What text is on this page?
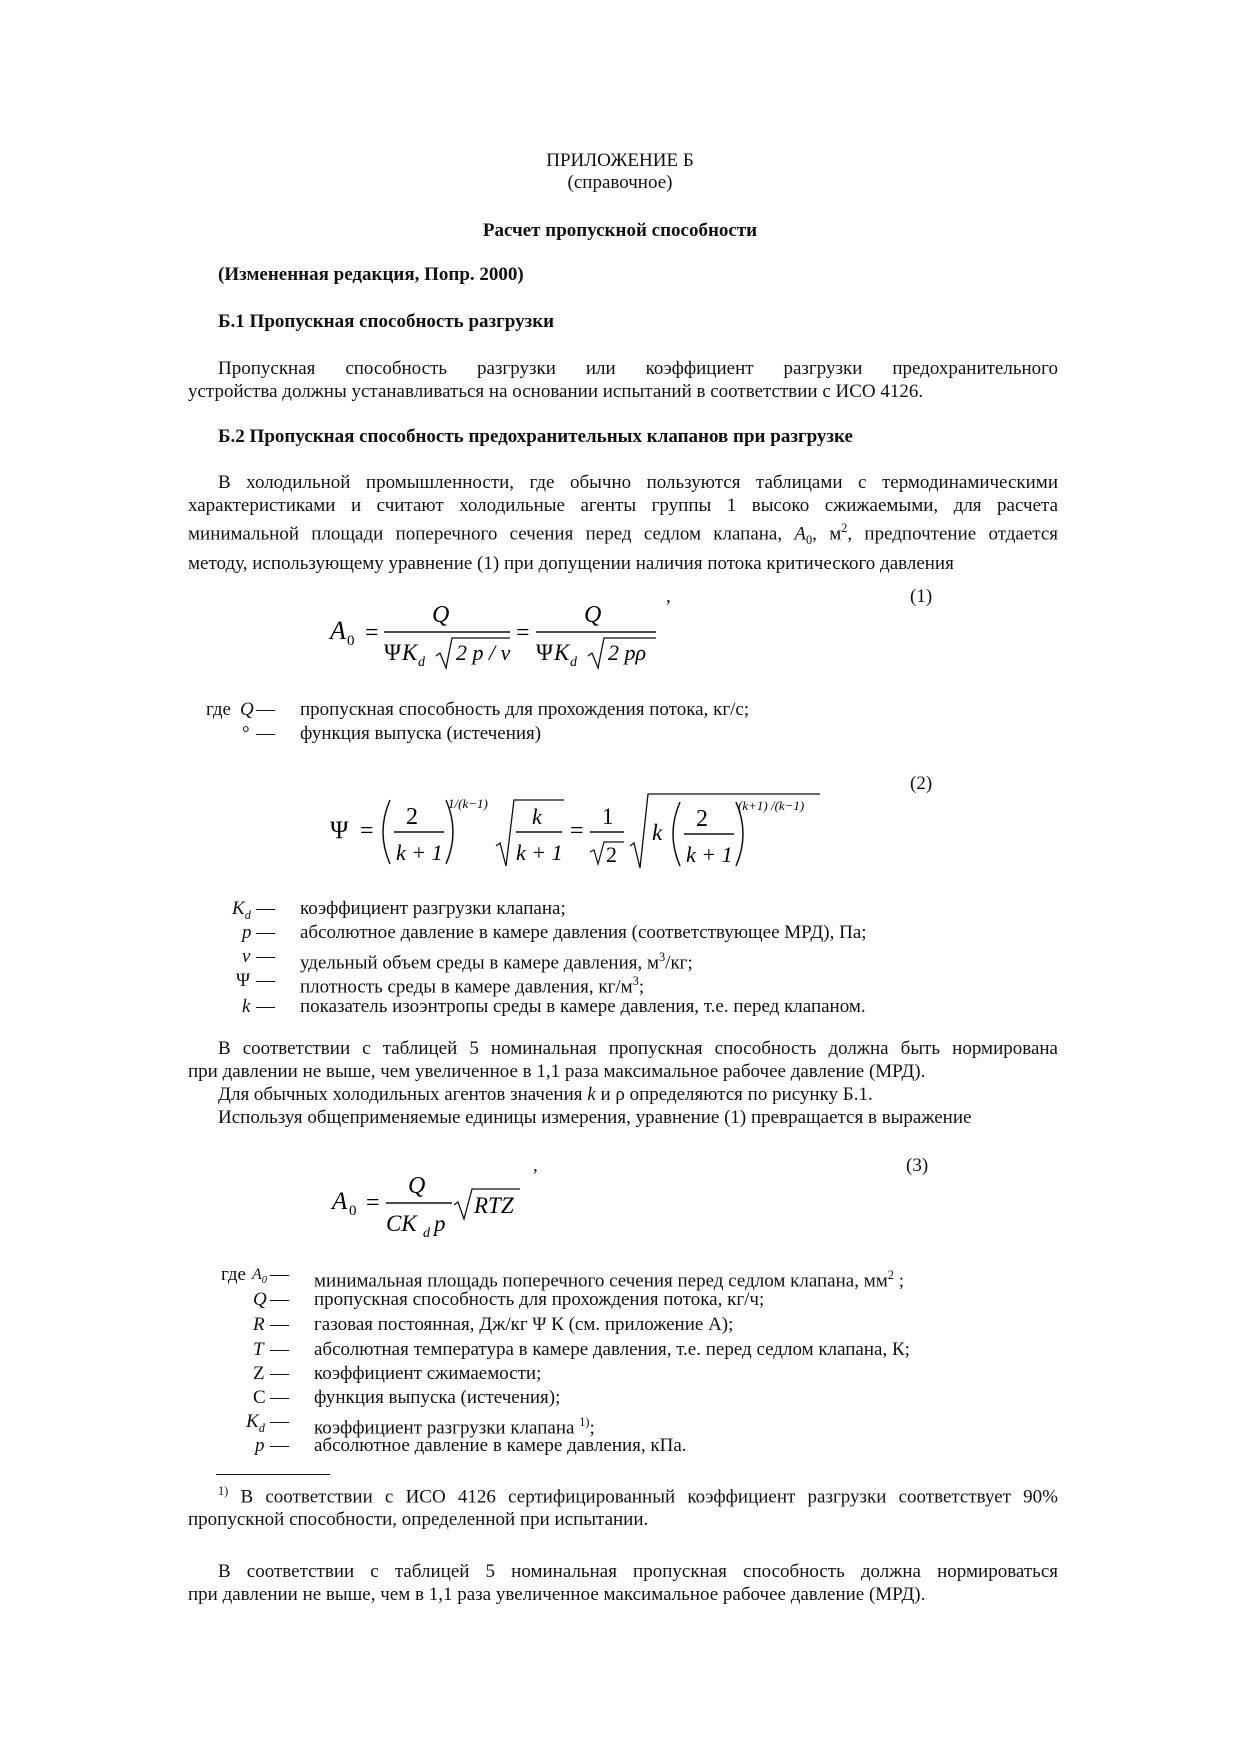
ПРИЛОЖЕНИЕ Б
(справочное)
Расчет пропускной способности
(Измененная редакция, Попр. 2000)
Б.1 Пропускная способность разгрузки
Пропускная способность разгрузки или коэффициент разгрузки предохранительного
устройства должны устанавливаться на основании испытаний в соответствии с ИСО 4126.
Б.2 Пропускная способность предохранительных клапанов при разгрузке
В холодильной промышленности, где обычно пользуются таблицами с термодинамическими
характеристиками и считают холодильные агенты группы 1 высоко сжижаемыми, для расчета
минимальной площади поперечного сечения перед седлом клапана, $A_0$, $м^2$, предпочтение отдается
методу, использующему уравнение (1) при допущении наличия потока критического давления
,	(1)
A 0 =
Q
Ψ K d 2 p / v
=
Q
Ψ K d 2 pρ
где Q — пропускная способность для прохождения потока, кг/с;
° — функция выпуска (истечения)
(2)
Ψ =
2
k + 1
1/(k−1)
k
k + 1
=
1
2
k
2
k + 1
(k+1) /(k−1)
$K_d$ — коэффициент разгрузки клапана;
p — абсолютное давление в камере давления (соответствующее МРД), Па;
v — удельный объем среды в камере давления, $м^3/кг$;
Ψ — плотность среды в камере давления, $кг/м^3$;
k — показатель изоэнтропы среды в камере давления, т.е. перед клапаном.
В соответствии с таблицей 5 номинальная пропускная способность должна быть нормирована
при давлении не выше, чем увеличенное в 1,1 раза максимальное рабочее давление (МРД).
Для обычных холодильных агентов значения k и ρ определяются по рисунку Б.1.
Используя общеприменяемые единицы измерения, уравнение (1) превращается в выражение
,	(3)
A 0 =
Q
CK d p
RTZ
где $A_0$ — минимальная площадь поперечного сечения перед седлом клапана, $мм^2$ ;
Q — пропускная способность для прохождения потока, кг/ч;
R — газовая постоянная, Дж/кг Ψ К (см. приложение А);
T — абсолютная температура в камере давления, т.е. перед седлом клапана, К;
Z — коэффициент сжимаемости;
С — функция выпуска (истечения);
$K_d$ — коэффициент разгрузки клапана $^{1)}$;
p — абсолютное давление в камере давления, кПа.
$^{1)}$ В соответствии с ИСО 4126 сертифицированный коэффициент разгрузки соответствует 90%
пропускной способности, определенной при испытании.
В соответствии с таблицей 5 номинальная пропускная способность должна нормироваться
при давлении не выше, чем в 1,1 раза увеличенное максимальное рабочее давление (МРД).
